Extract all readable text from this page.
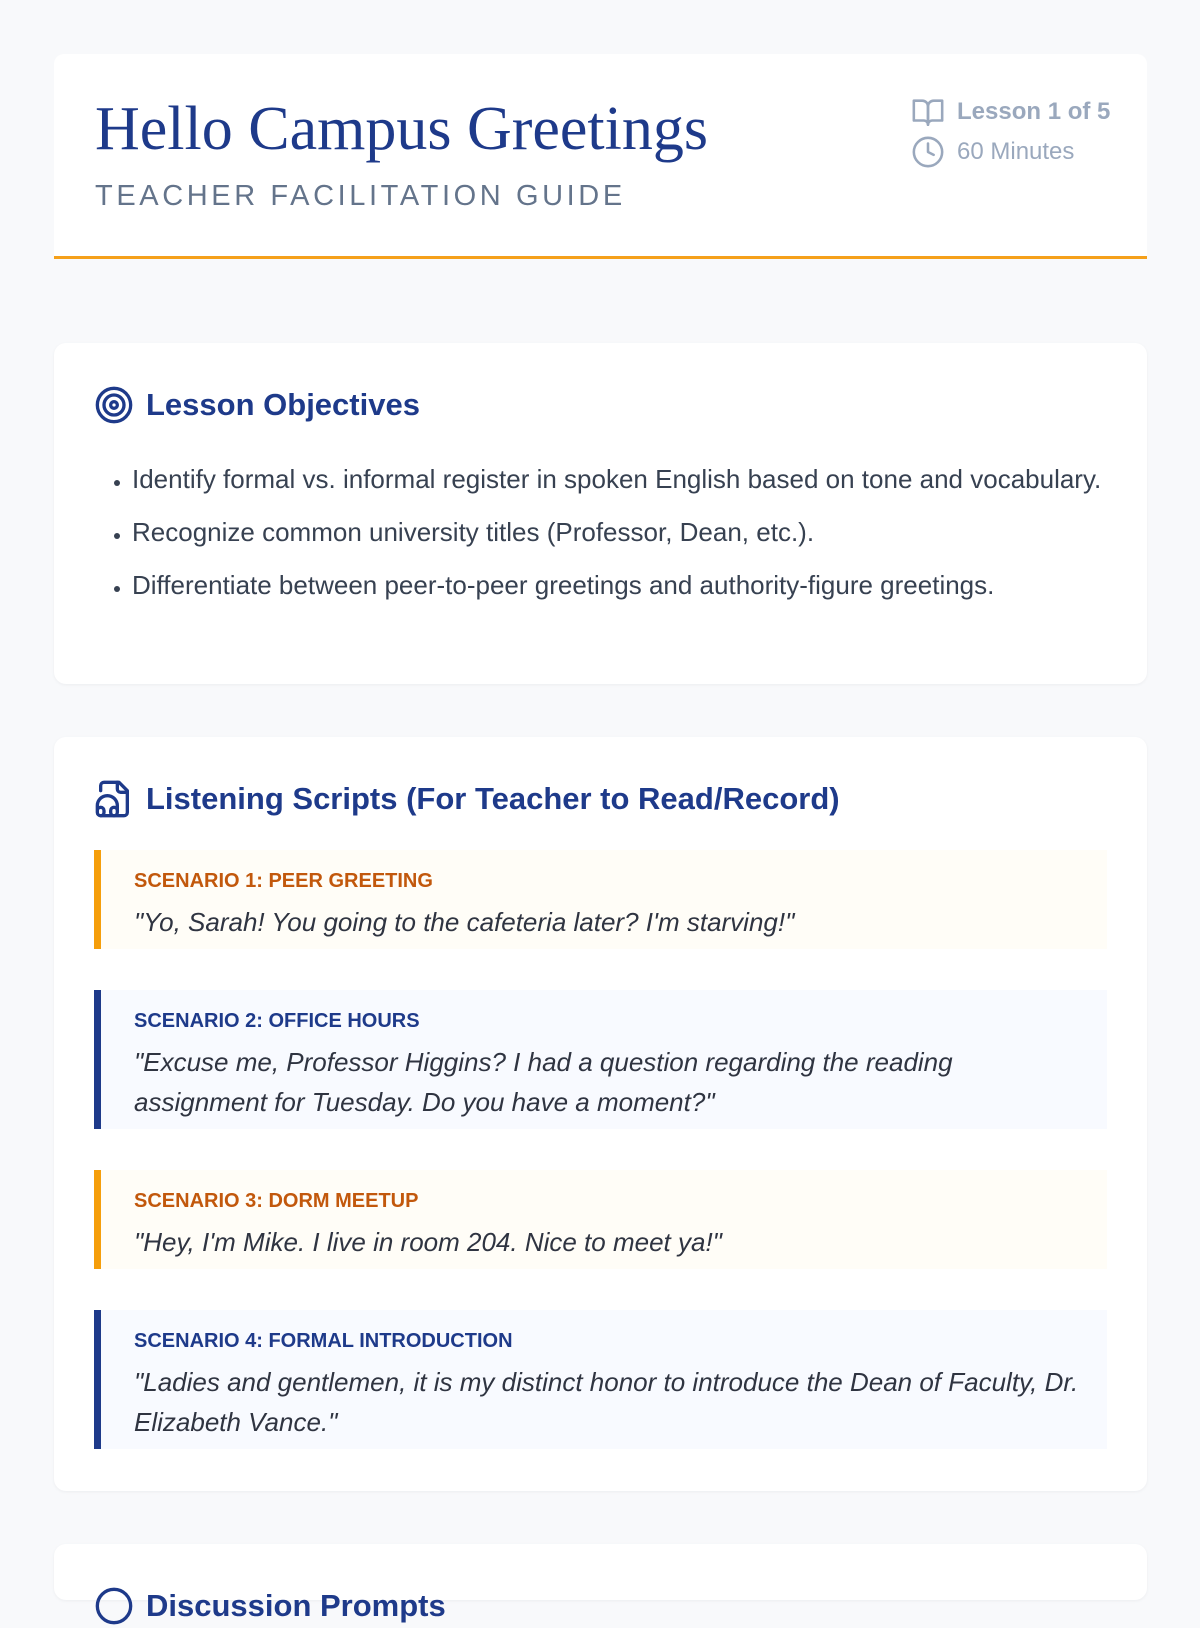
Hello Campus Greetings
TEACHER FACILITATION GUIDE
Lesson 1 of 5
60 Minutes
Lesson Objectives
• Identify formal vs. informal register in spoken English based on tone and vocabulary.
• Recognize common university titles (Professor, Dean, etc.).
• Differentiate between peer-to-peer greetings and authority-figure greetings.
Listening Scripts (For Teacher to Read/Record)
SCENARIO 1: PEER GREETING
"Yo, Sarah! You going to the cafeteria later? I'm starving!"
SCENARIO 2: OFFICE HOURS
"Excuse me, Professor Higgins? I had a question regarding the reading assignment for Tuesday. Do you have a moment?"
SCENARIO 3: DORM MEETUP
"Hey, I'm Mike. I live in room 204. Nice to meet ya!"
SCENARIO 4: FORMAL INTRODUCTION
"Ladies and gentlemen, it is my distinct honor to introduce the Dean of Faculty, Dr. Elizabeth Vance."
Discussion Prompts
